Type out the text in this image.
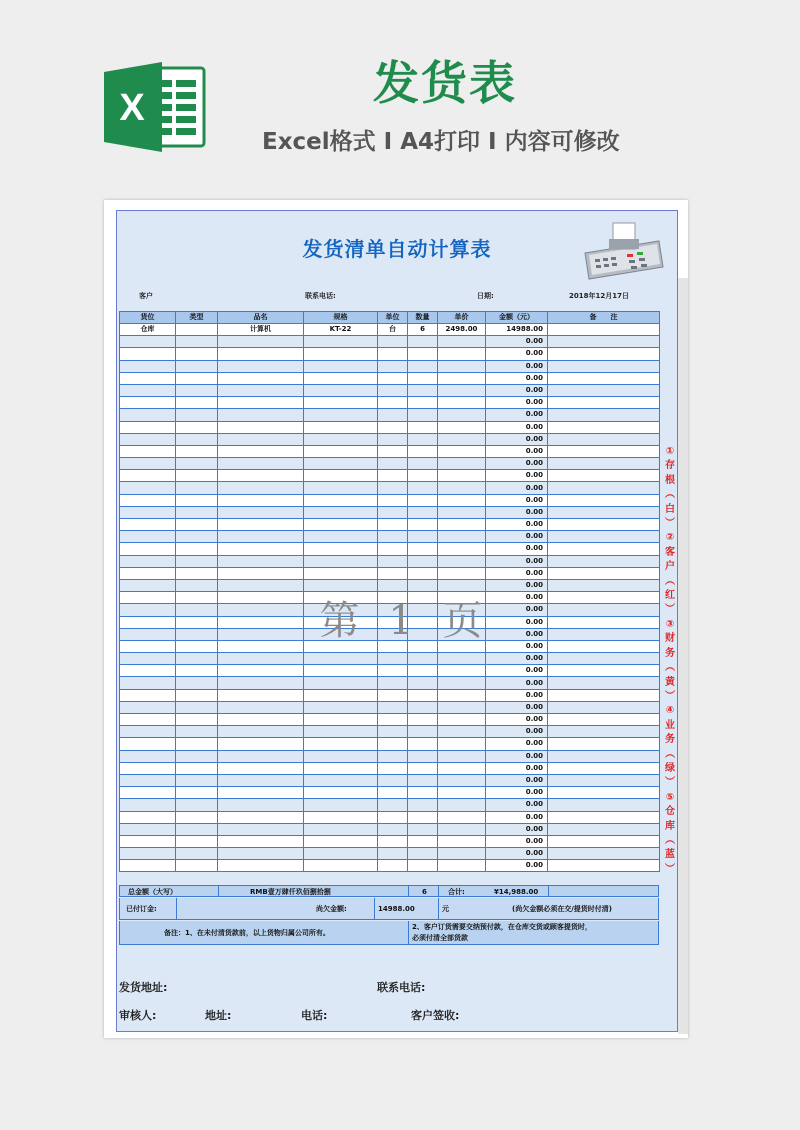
X	发货表
Excel格式 I A4打印 I 内容可修改
发货清单自动计算表
客户	联系电话:	日期:	2018年12月17日
货位	类型	品名	规格	单位	数量	单价	金额（元）	备　　注
仓库		计算机	KT-22	台	6	2498.00	14988.00	
							0.00	
							0.00	
							0.00	
							0.00	
							0.00	
							0.00	
							0.00	
							0.00	
							0.00	
							0.00	
							0.00	
							0.00	
							0.00	
							0.00	
							0.00	
							0.00	
							0.00	
							0.00	
							0.00	
							0.00	
							0.00	
							0.00	
							0.00	
							0.00	
							0.00	
							0.00	
							0.00	
							0.00	
							0.00	
							0.00	
							0.00	
							0.00	
							0.00	
							0.00	
							0.00	
							0.00	
							0.00	
							0.00	
							0.00	
							0.00	
							0.00	
							0.00	
							0.00	
							0.00	
第 1 页
总金额（大写）	RMB壹万肆仟玖佰捌拾捌	6	合计:	¥14,988.00
已付订金:	尚欠金额:	14988.00	元	(尚欠金额必须在交/提货时付清)
备注：1、在未付清货款前，以上货物归属公司所有。
2、客户订货需要交纳预付款，在仓库交货或顾客提货时，
必须付清全部货款
发货地址:	联系电话:
审核人:	地址:	电话:	客户签收:
①
存
根
︵
白
︶
②
客
户
︵
红
︶
③
财
务
︵
黄
︶
④
业
务
︵
绿
︶
⑤
仓
库
︵
蓝
︶
